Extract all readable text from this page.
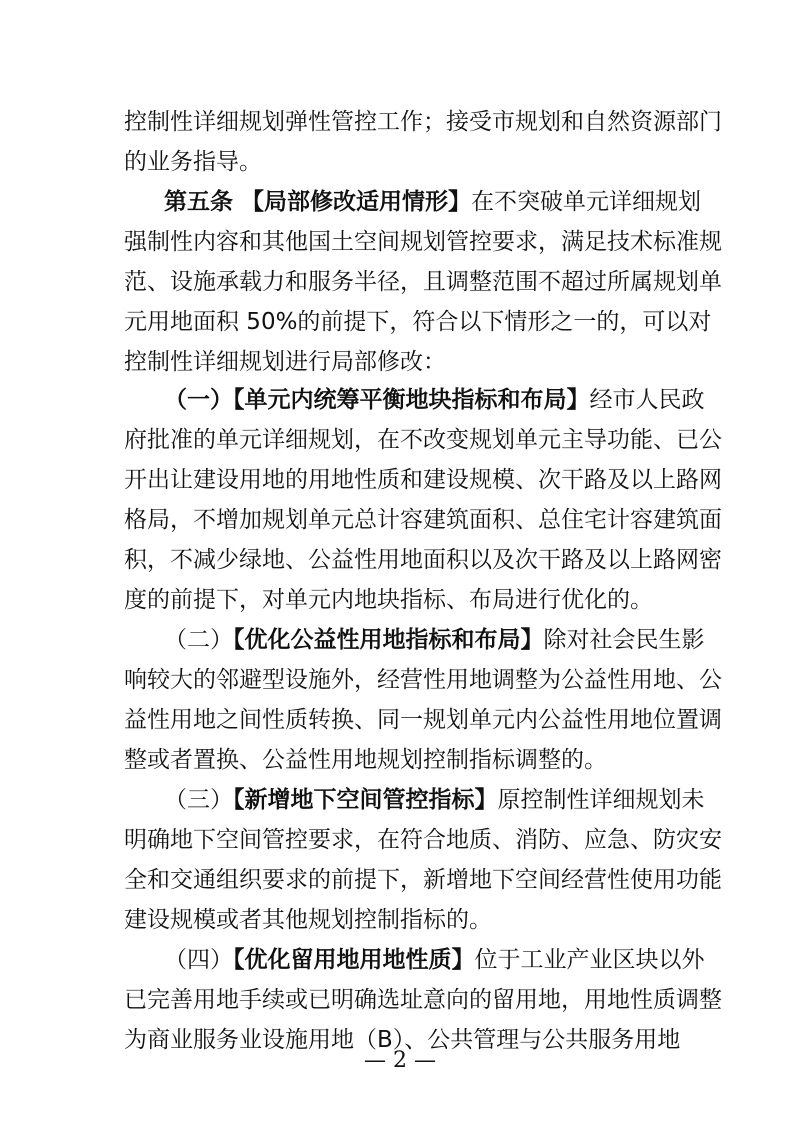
控制性详细规划弹性管控工作；接受市规划和自然资源部门
的业务指导。
第五条 【局部修改适用情形】在不突破单元详细规划
强制性内容和其他国土空间规划管控要求，满足技术标准规
范、设施承载力和服务半径，且调整范围不超过所属规划单
元用地面积 50%的前提下，符合以下情形之一的，可以对
控制性详细规划进行局部修改：
（一）【单元内统筹平衡地块指标和布局】经市人民政
府批准的单元详细规划，在不改变规划单元主导功能、已公
开出让建设用地的用地性质和建设规模、次干路及以上路网
格局，不增加规划单元总计容建筑面积、总住宅计容建筑面
积，不减少绿地、公益性用地面积以及次干路及以上路网密
度的前提下，对单元内地块指标、布局进行优化的。
（二）【优化公益性用地指标和布局】除对社会民生影
响较大的邻避型设施外，经营性用地调整为公益性用地、公
益性用地之间性质转换、同一规划单元内公益性用地位置调
整或者置换、公益性用地规划控制指标调整的。
（三）【新增地下空间管控指标】原控制性详细规划未
明确地下空间管控要求，在符合地质、消防、应急、防灾安
全和交通组织要求的前提下，新增地下空间经营性使用功能
建设规模或者其他规划控制指标的。
（四）【优化留用地用地性质】位于工业产业区块以外
已完善用地手续或已明确选址意向的留用地，用地性质调整
为商业服务业设施用地（B）、公共管理与公共服务用地
— 2 —
